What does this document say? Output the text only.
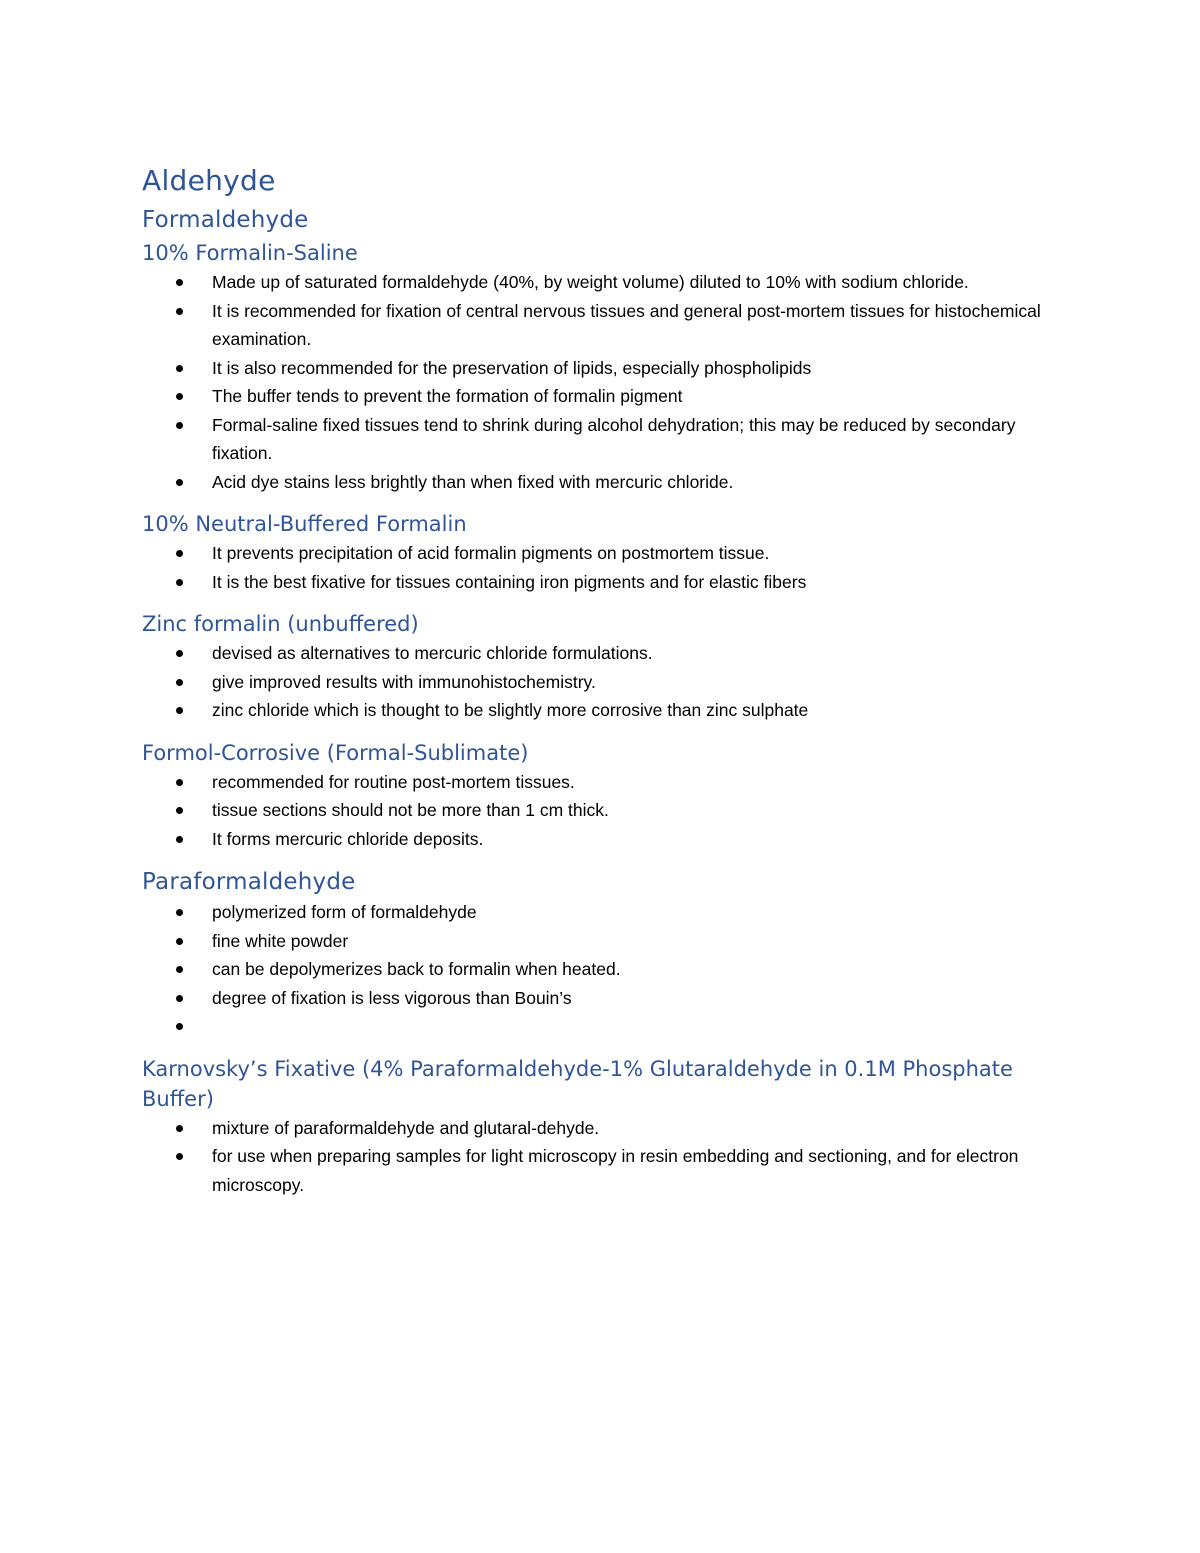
Aldehyde
Formaldehyde
10% Formalin-Saline
Made up of saturated formaldehyde (40%, by weight volume) diluted to 10% with sodium chloride.
It is recommended for fixation of central nervous tissues and general post-mortem tissues for histochemical examination.
It is also recommended for the preservation of lipids, especially phospholipids
The buffer tends to prevent the formation of formalin pigment
Formal-saline fixed tissues tend to shrink during alcohol dehydration; this may be reduced by secondary fixation.
Acid dye stains less brightly than when fixed with mercuric chloride.
10% Neutral-Buffered Formalin
It prevents precipitation of acid formalin pigments on postmortem tissue.
It is the best fixative for tissues containing iron pigments and for elastic fibers
Zinc formalin (unbuffered)
devised as alternatives to mercuric chloride formulations.
give improved results with immunohistochemistry.
zinc chloride which is thought to be slightly more corrosive than zinc sulphate
Formol-Corrosive (Formal-Sublimate)
recommended for routine post-mortem tissues.
tissue sections should not be more than 1 cm thick.
It forms mercuric chloride deposits.
Paraformaldehyde
polymerized form of formaldehyde
fine white powder
can be depolymerizes back to formalin when heated.
degree of fixation is less vigorous than Bouin’s
Karnovsky’s Fixative (4% Paraformaldehyde-1% Glutaraldehyde in 0.1M Phosphate Buffer)
mixture of paraformaldehyde and glutaral-dehyde.
for use when preparing samples for light microscopy in resin embedding and sectioning, and for electron microscopy.
